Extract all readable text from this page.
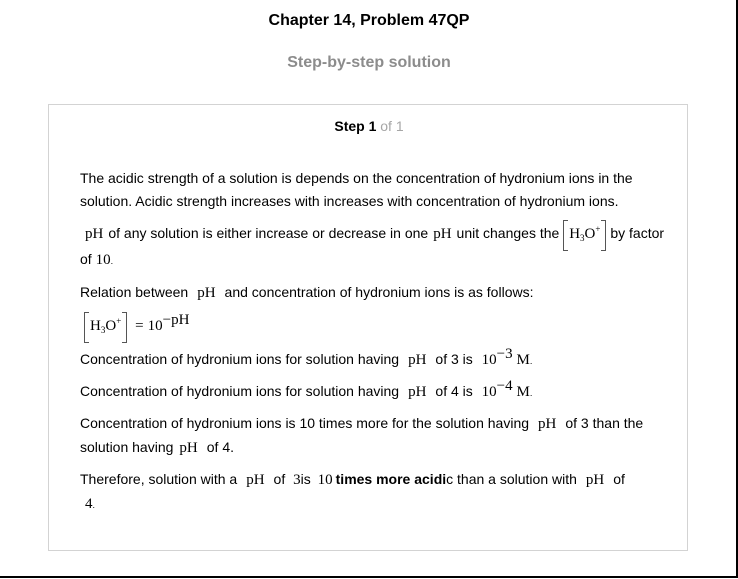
Chapter 14, Problem 47QP
Step-by-step solution
Step 1 of 1

The acidic strength of a solution is depends on the concentration of hydronium ions in the solution. Acidic strength increases with increases with concentration of hydronium ions.

pH of any solution is either increase or decrease in one pH unit changes the $H_3O^+$ by factor of 10.

Relation between pH and concentration of hydronium ions is as follows:

$H_3O^+ = 10^{-pH}$

Concentration of hydronium ions for solution having pH of 3 is $10^{-3}$ M.

Concentration of hydronium ions for solution having pH of 4 is $10^{-4}$ M.

Concentration of hydronium ions is 10 times more for the solution having pH of 3 than the solution having pH of 4.

Therefore, solution with a pH of 3is 10 times more acidic than a solution with pH of
4.
